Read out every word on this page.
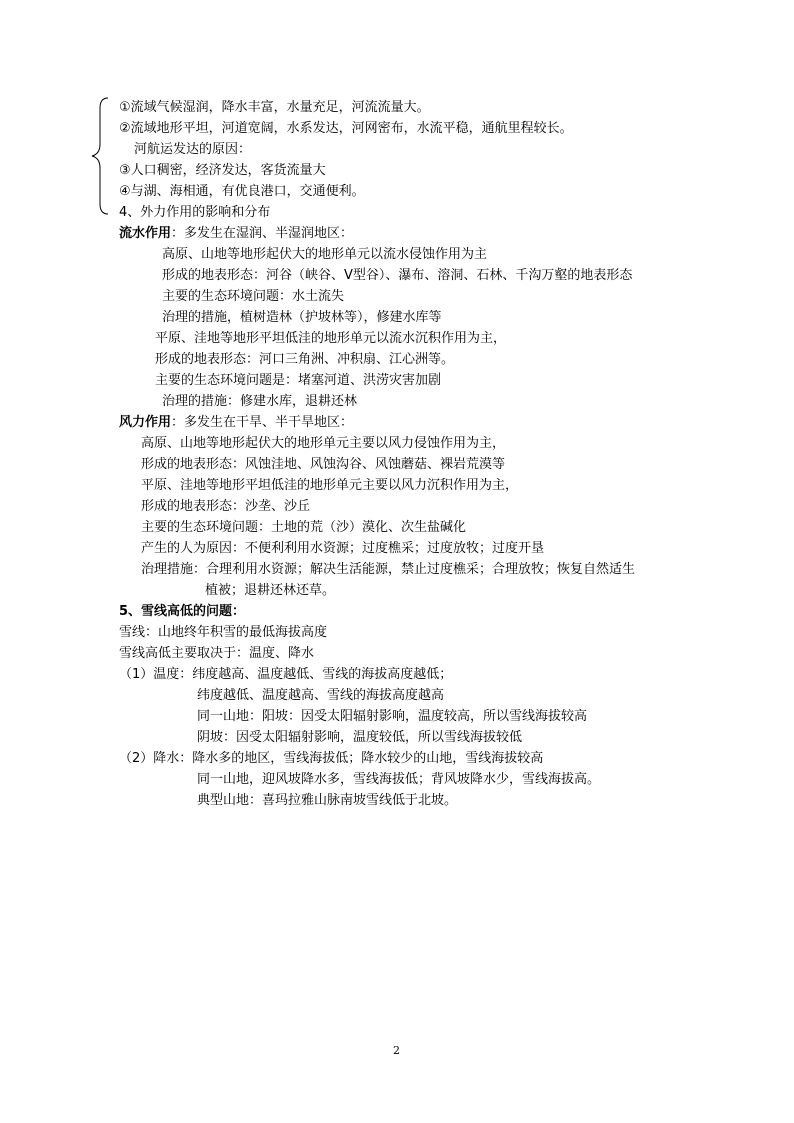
①流域气候湿润，降水丰富，水量充足，河流流量大。
②流域地形平坦，河道宽阔，水系发达，河网密布，水流平稳，通航里程较长。
河航运发达的原因：
③人口稠密，经济发达，客货流量大
④与湖、海相通，有优良港口，交通便利。
4、外力作用的影响和分布
流水作用：多发生在湿润、半湿润地区：
高原、山地等地形起伏大的地形单元以流水侵蚀作用为主
形成的地表形态：河谷（峡谷、V型谷）、瀑布、溶洞、石林、千沟万壑的地表形态
主要的生态环境问题：水土流失
治理的措施，植树造林（护坡林等），修建水库等
平原、洼地等地形平坦低洼的地形单元以流水沉积作用为主，
形成的地表形态：河口三角洲、冲积扇、江心洲等。
主要的生态环境问题是：堵塞河道、洪涝灾害加剧
治理的措施：修建水库，退耕还林
风力作用：多发生在干旱、半干旱地区：
高原、山地等地形起伏大的地形单元主要以风力侵蚀作用为主，
形成的地表形态：风蚀洼地、风蚀沟谷、风蚀蘑菇、裸岩荒漠等
平原、洼地等地形平坦低洼的地形单元主要以风力沉积作用为主，
形成的地表形态：沙垄、沙丘
主要的生态环境问题：土地的荒（沙）漠化、次生盐碱化
产生的人为原因：不便利利用水资源；过度樵采；过度放牧；过度开垦
治理措施：合理利用水资源；解决生活能源，禁止过度樵采；合理放牧；恢复自然适生
植被；退耕还林还草。
5、雪线高低的问题：
雪线：山地终年积雪的最低海拔高度
雪线高低主要取决于：温度、降水
（1）温度：纬度越高、温度越低、雪线的海拔高度越低；
纬度越低、温度越高、雪线的海拔高度越高
同一山地：阳坡：因受太阳辐射影响，温度较高，所以雪线海拔较高
阴坡：因受太阳辐射影响，温度较低，所以雪线海拔较低
（2）降水：降水多的地区，雪线海拔低；降水较少的山地，雪线海拔较高
同一山地，迎风坡降水多，雪线海拔低；背风坡降水少，雪线海拔高。
典型山地：喜玛拉雅山脉南坡雪线低于北坡。
2
